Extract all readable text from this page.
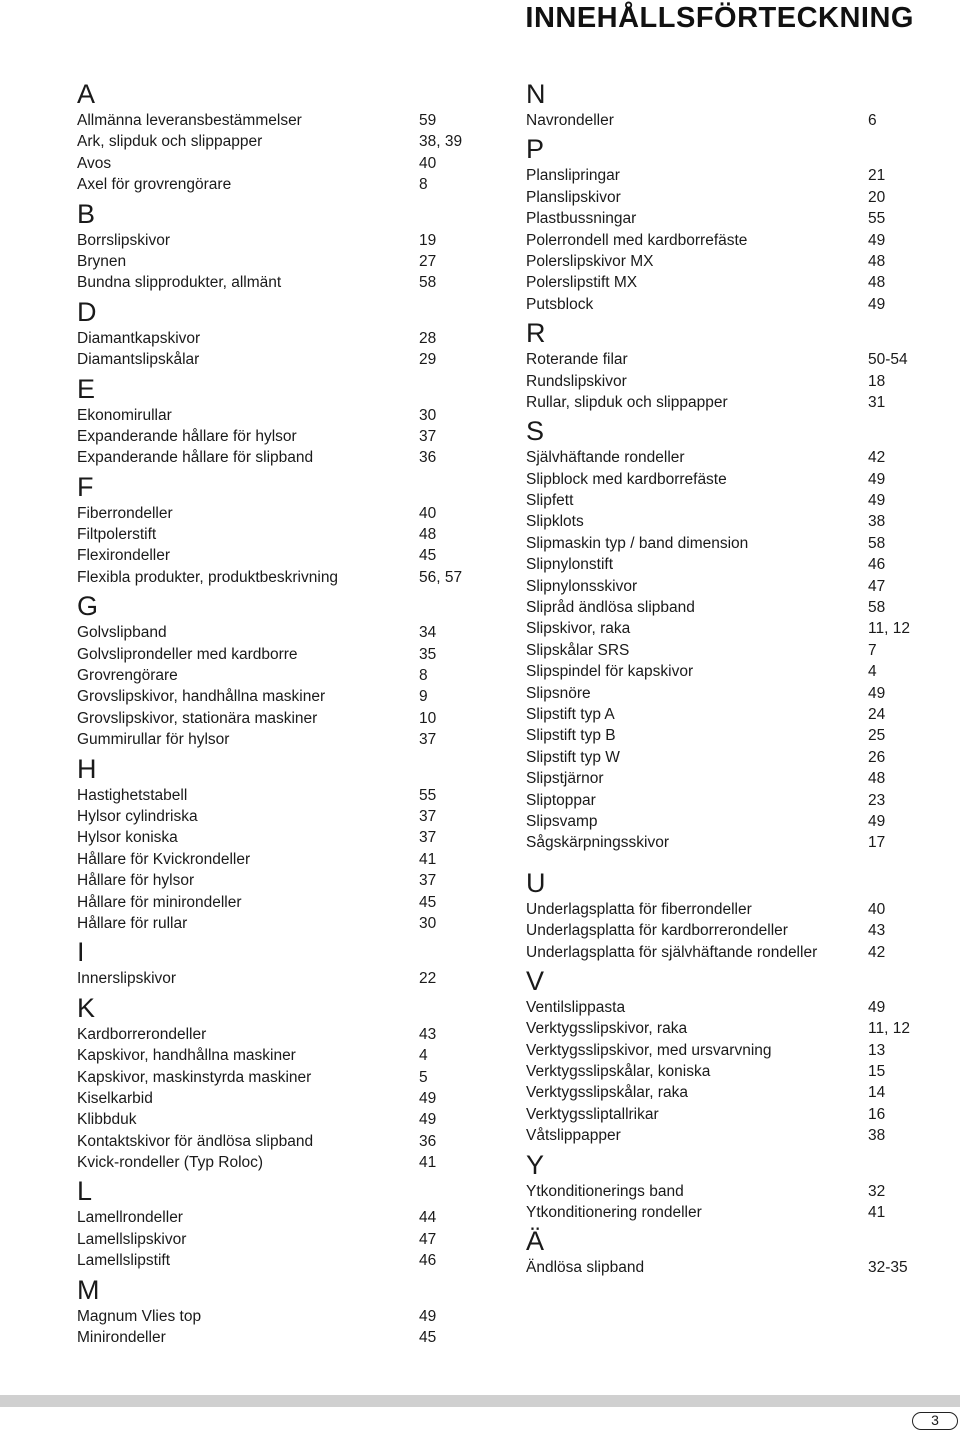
INNEHÅLLSFÖRTECKNING
A
Allmänna leveransbestämmelser	59
Ark, slipduk och slippapper	38, 39
Avos	40
Axel för grovrengörare	8
B
Borrslipskivor	19
Brynen	27
Bundna slipprodukter, allmänt	58
D
Diamantkapskivor	28
Diamantslipskålar	29
E
Ekonomirullar	30
Expanderande hållare för hylsor	37
Expanderande hållare för slipband	36
F
Fiberrondeller	40
Filtpolerstift	48
Flexirondeller	45
Flexibla produkter, produktbeskrivning	56, 57
G
Golvslipband	34
Golvsliprondeller med kardborre	35
Grovrengörare	8
Grovslipskivor, handhållna maskiner	9
Grovslipskivor, stationära maskiner	10
Gummirullar för hylsor	37
H
Hastighetstabell	55
Hylsor cylindriska	37
Hylsor koniska	37
Hållare för Kvickrondeller	41
Hållare för hylsor	37
Hållare för minirondeller	45
Hållare för rullar	30
I
Innerslipskivor	22
K
Kardborrerondeller	43
Kapskivor, handhållna maskiner	4
Kapskivor, maskinstyrda maskiner	5
Kiselkarbid	49
Klibbduk	49
Kontaktskivor för ändlösa slipband	36
Kvick-rondeller (Typ Roloc)	41
L
Lamellrondeller	44
Lamellslipskivor	47
Lamellslipstift	46
M
Magnum Vlies top	49
Minirondeller	45
N
Navrondeller	6
P
Planslipringar	21
Planslipskivor	20
Plastbussningar	55
Polerrondell med kardborrefäste	49
Polerslipskivor MX	48
Polerslipstift MX	48
Putsblock	49
R
Roterande filar	50-54
Rundslipskivor	18
Rullar, slipduk och slippapper	31
S
Självhäftande rondeller	42
Slipblock med kardborrefäste	49
Slipfett	49
Slipklots	38
Slipmaskin typ / band dimension	58
Slipnylonstift	46
Slipnylonsskivor	47
Slipråd ändlösa slipband	58
Slipskivor, raka	11, 12
Slipskålar SRS	7
Slipspindel för kapskivor	4
Slipsnöre	49
Slipstift typ A	24
Slipstift typ B	25
Slipstift typ W	26
Slipstjärnor	48
Sliptoppar	23
Slipsvamp	49
Sågskärpningsskivor	17
U
Underlagsplatta för fiberrondeller	40
Underlagsplatta för kardborrerondeller	43
Underlagsplatta för självhäftande rondeller	42
V
Ventilslippasta	49
Verktygsslipskivor, raka	11, 12
Verktygsslipskivor, med ursvarvning	13
Verktygsslipskålar, koniska	15
Verktygsslipskålar, raka	14
Verktygssliptallrikar	16
Våtslippapper	38
Y
Ytkonditionerings band	32
Ytkonditionering rondeller	41
Ä
Ändlösa slipband	32-35
3
